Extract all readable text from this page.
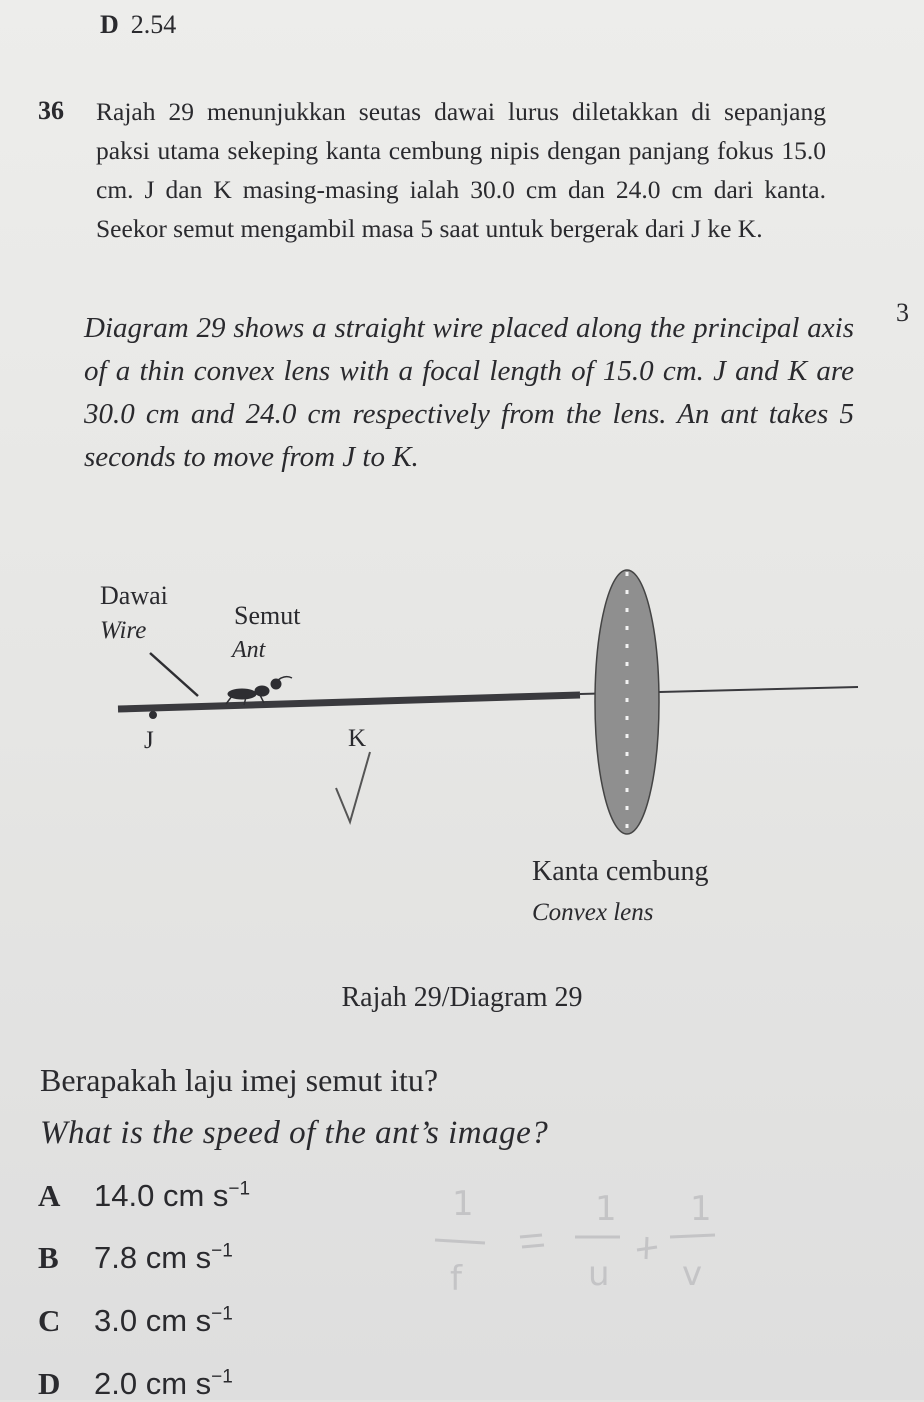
D 2.54
36 Rajah 29 menunjukkan seutas dawai lurus diletakkan di sepanjang paksi utama sekeping kanta cembung nipis dengan panjang fokus 15.0 cm. J dan K masing-masing ialah 30.0 cm dan 24.0 cm dari kanta. Seekor semut mengambil masa 5 saat untuk bergerak dari J ke K.
Diagram 29 shows a straight wire placed along the principal axis of a thin convex lens with a focal length of 15.0 cm. J and K are 30.0 cm and 24.0 cm respectively from the lens. An ant takes 5 seconds to move from J to K.
3
Dawai
Wire
Semut
Ant
J	K
Kanta cembung
Convex lens
Rajah 29/Diagram 29
Berapakah laju imej semut itu?
What is the speed of the ant’s image?
A 14.0 cm $s^{-1}$
B 7.8 cm $s^{-1}$
C 3.0 cm $s^{-1}$
D 2.0 cm $s^{-1}$
1
f
1
u
1
v
